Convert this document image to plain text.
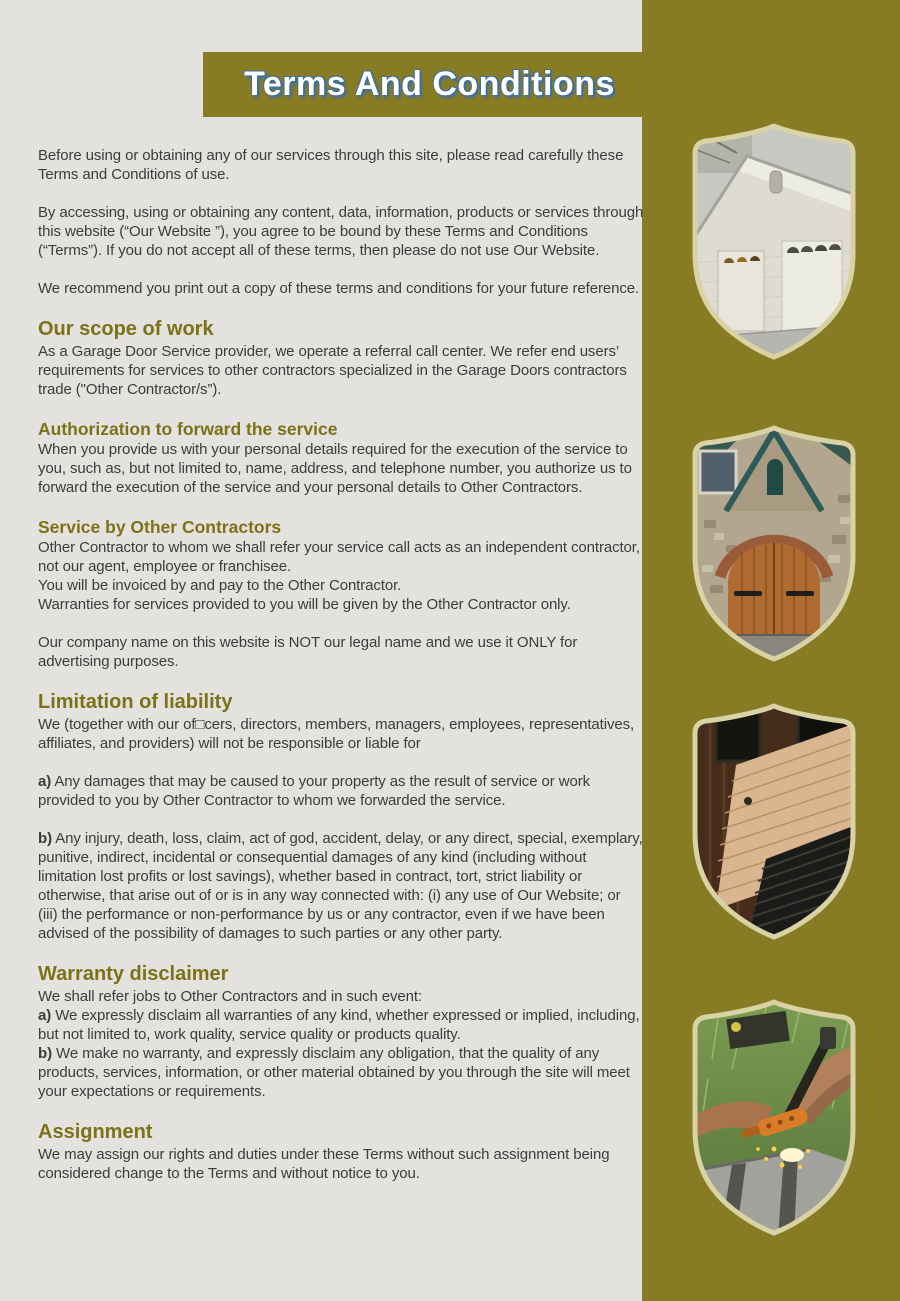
Terms And Conditions

Before using or obtaining any of our services through this site, please read carefully these Terms and Conditions of use.

By accessing, using or obtaining any content, data, information, products or services through this website (“Our Website ”), you agree to be bound by these Terms and Conditions (“Terms”). If you do not accept all of these terms, then please do not use Our Website.

We recommend you print out a copy of these terms and conditions for your future reference.

Our scope of work

As a Garage Door Service provider, we operate a referral call center. We refer end users’ requirements for services to other contractors specialized in the Garage Doors contractors trade ("Other Contractor/s”).

Authorization to forward the service

When you provide us with your personal details required for the execution of the service to you, such as, but not limited to, name, address, and telephone number, you authorize us to forward the execution of the service and your personal details to Other Contractors.

Service by Other Contractors

Other Contractor to whom we shall refer your service call acts as an independent contractor, not our agent, employee or franchisee.

You will be invoiced by and pay to the Other Contractor.

Warranties for services provided to you will be given by the Other Contractor only.

Our company name on this website is NOT our legal name and we use it ONLY for advertising purposes.

Limitation of liability

We (together with our of□cers, directors, members, managers, employees, representatives, affiliates, and providers) will not be responsible or liable for

a) Any damages that may be caused to your property as the result of service or work provided to you by Other Contractor to whom we forwarded the service.

b) Any injury, death, loss, claim, act of god, accident, delay, or any direct, special, exemplary, punitive, indirect, incidental or consequential damages of any kind (including without limitation lost profits or lost savings), whether based in contract, tort, strict liability or otherwise, that arise out of or is in any way connected with: (i) any use of Our Website; or (iii) the performance or non-performance by us or any contractor, even if we have been advised of the possibility of damages to such parties or any other party.

Warranty disclaimer

We shall refer jobs to Other Contractors and in such event:

a) We expressly disclaim all warranties of any kind, whether expressed or implied, including, but not limited to, work quality, service quality or products quality.

b) We make no warranty, and expressly disclaim any obligation, that the quality of any products, services, information, or other material obtained by you through the site will meet your expectations or requirements.

Assignment

We may assign our rights and duties under these Terms without such assignment being considered change to the Terms and without notice to you.
